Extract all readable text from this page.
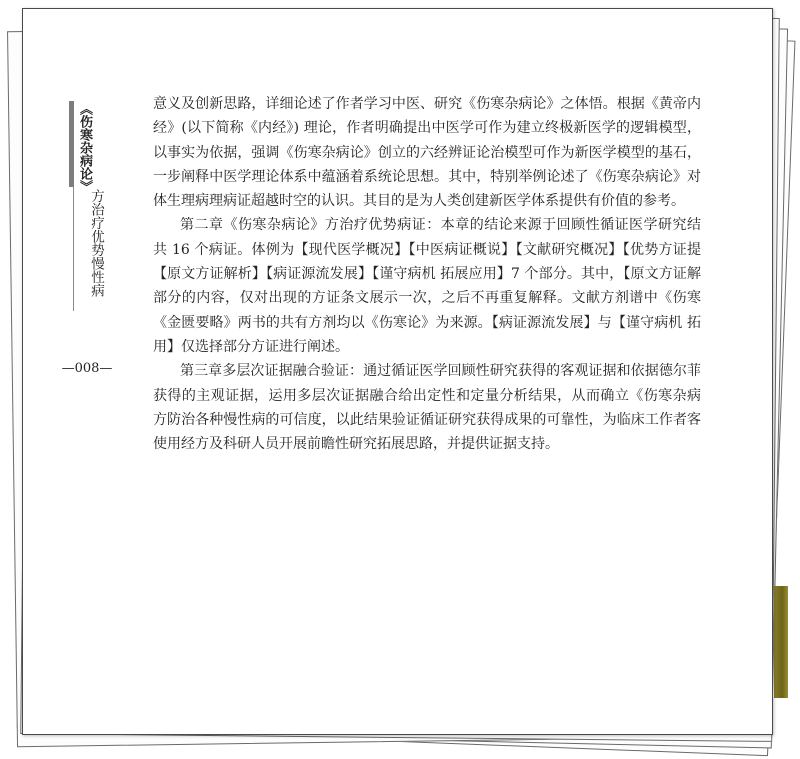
《伤寒杂病论》
方治疗优势慢性病
—008—
意义及创新思路，详细论述了作者学习中医、研究《伤寒杂病论》之体悟。根据《黄帝内
经》(以下简称《内经》) 理论，作者明确提出中医学可作为建立终极新医学的逻辑模型，
以事实为依据，强调《伤寒杂病论》创立的六经辨证论治模型可作为新医学模型的基石，
一步阐释中医学理论体系中蕴涵着系统论思想。其中，特别举例论述了《伤寒杂病论》对
体生理病理病证超越时空的认识。其目的是为人类创建新医学体系提供有价值的参考。
第二章《伤寒杂病论》方治疗优势病证：本章的结论来源于回顾性循证医学研究结
共 16 个病证。体例为【现代医学概况】【中医病证概说】【文献研究概况】【优势方证提
【原文方证解析】【病证源流发展】【谨守病机 拓展应用】7 个部分。其中，【原文方证解
部分的内容，仅对出现的方证条文展示一次，之后不再重复解释。文献方剂谱中《伤寒
《金匮要略》两书的共有方剂均以《伤寒论》为来源。【病证源流发展】与【谨守病机 拓
用】仅选择部分方证进行阐述。
第三章多层次证据融合验证：通过循证医学回顾性研究获得的客观证据和依据德尔菲
获得的主观证据，运用多层次证据融合给出定性和定量分析结果，从而确立《伤寒杂病
方防治各种慢性病的可信度，以此结果验证循证研究获得成果的可靠性，为临床工作者客
使用经方及科研人员开展前瞻性研究拓展思路，并提供证据支持。
